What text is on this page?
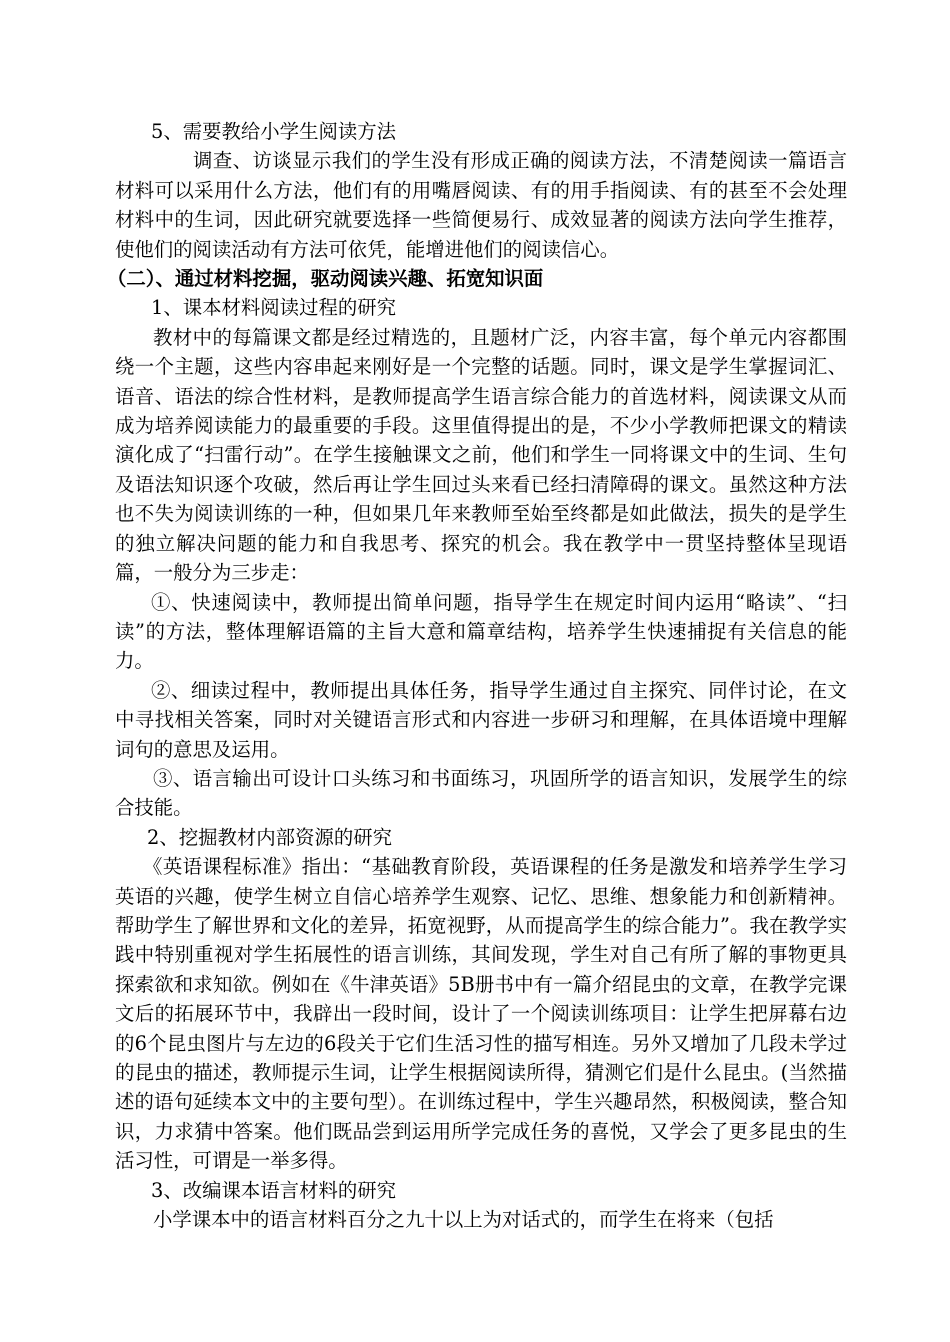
5、需要教给小学生阅读方法

调查、访谈显示我们的学生没有形成正确的阅读方法，不清楚阅读一篇语言材料可以采用什么方法，他们有的用嘴唇阅读、有的用手指阅读、有的甚至不会处理材料中的生词，因此研究就要选择一些简便易行、成效显著的阅读方法向学生推荐，使他们的阅读活动有方法可依凭，能增进他们的阅读信心。

（二）、通过材料挖掘，驱动阅读兴趣、拓宽知识面

1、课本材料阅读过程的研究

教材中的每篇课文都是经过精选的，且题材广泛，内容丰富，每个单元内容都围绕一个主题，这些内容串起来刚好是一个完整的话题。同时，课文是学生掌握词汇、语音、语法的综合性材料，是教师提高学生语言综合能力的首选材料，阅读课文从而成为培养阅读能力的最重要的手段。这里值得提出的是，不少小学教师把课文的精读演化成了“扫雷行动”。在学生接触课文之前，他们和学生一同将课文中的生词、生句及语法知识逐个攻破，然后再让学生回过头来看已经扫清障碍的课文。虽然这种方法也不失为阅读训练的一种，但如果几年来教师至始至终都是如此做法，损失的是学生的独立解决问题的能力和自我思考、探究的机会。我在教学中一贯坚持整体呈现语篇，一般分为三步走：

①、快速阅读中，教师提出简单问题，指导学生在规定时间内运用“略读”、“扫读”的方法，整体理解语篇的主旨大意和篇章结构，培养学生快速捕捉有关信息的能力。

②、细读过程中，教师提出具体任务，指导学生通过自主探究、同伴讨论，在文中寻找相关答案，同时对关键语言形式和内容进一步研习和理解，在具体语境中理解词句的意思及运用。

③、语言输出可设计口头练习和书面练习，巩固所学的语言知识，发展学生的综合技能。

2、挖掘教材内部资源的研究

《英语课程标准》指出：“基础教育阶段，英语课程的任务是激发和培养学生学习英语的兴趣，使学生树立自信心培养学生观察、记忆、思维、想象能力和创新精神。帮助学生了解世界和文化的差异，拓宽视野，从而提高学生的综合能力”。我在教学实践中特别重视对学生拓展性的语言训练，其间发现，学生对自己有所了解的事物更具探索欲和求知欲。例如在《牛津英语》5B册书中有一篇介绍昆虫的文章，在教学完课文后的拓展环节中，我辟出一段时间，设计了一个阅读训练项目：让学生把屏幕右边的6个昆虫图片与左边的6段关于它们生活习性的描写相连。另外又增加了几段未学过的昆虫的描述，教师提示生词，让学生根据阅读所得，猜测它们是什么昆虫。(当然描述的语句延续本文中的主要句型）。在训练过程中，学生兴趣昂然，积极阅读，整合知识，力求猜中答案。他们既品尝到运用所学完成任务的喜悦，又学会了更多昆虫的生活习性，可谓是一举多得。

3、改编课本语言材料的研究

小学课本中的语言材料百分之九十以上为对话式的，而学生在将来（包括
